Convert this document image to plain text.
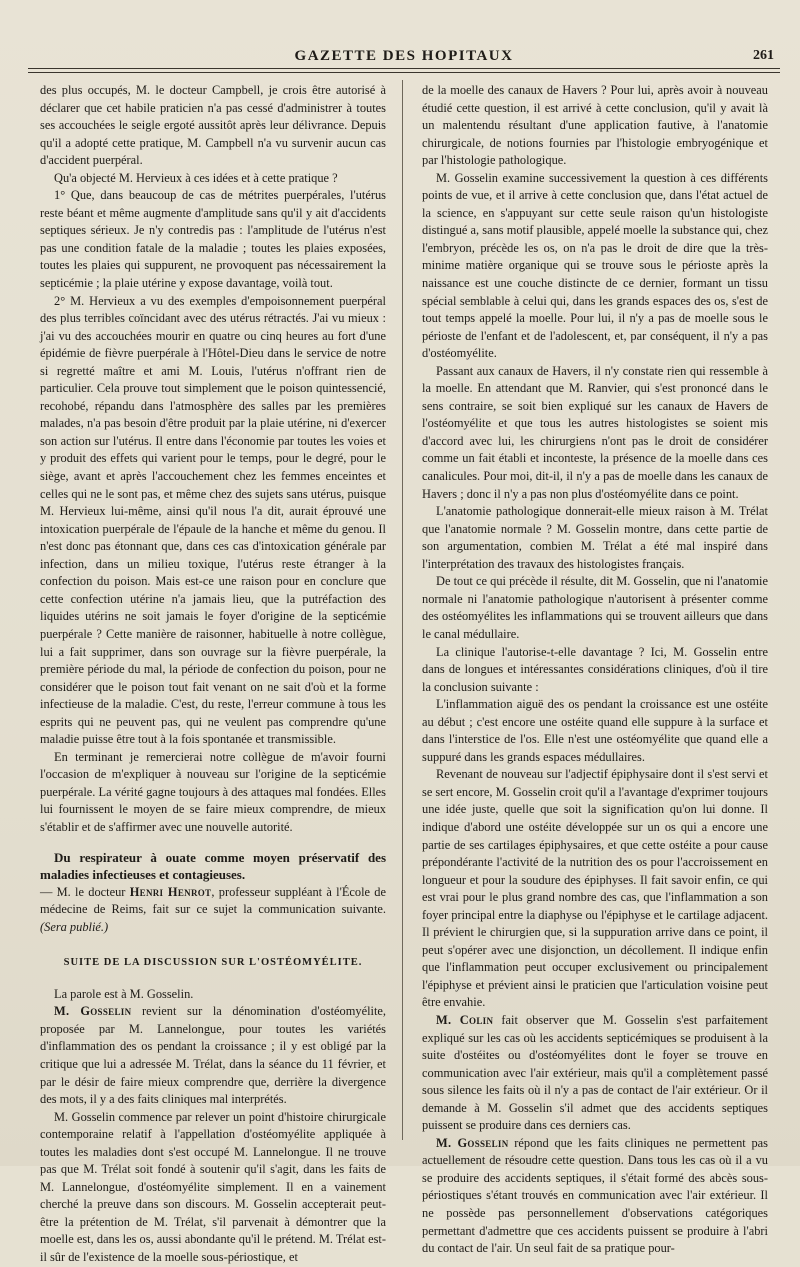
GAZETTE DES HOPITAUX	261

des plus occupés, M. le docteur Campbell, je crois être autorisé à déclarer que cet habile praticien n'a pas cessé d'administrer à toutes ses accouchées le seigle ergoté aussitôt après leur délivrance. Depuis qu'il a adopté cette pratique, M. Campbell n'a vu survenir aucun cas d'accident puerpéral.

Qu'a objecté M. Hervieux à ces idées et à cette pratique ?

1° Que, dans beaucoup de cas de métrites puerpérales, l'utérus reste béant et même augmente d'amplitude sans qu'il y ait d'accidents septiques sérieux. Je n'y contredis pas : l'amplitude de l'utérus n'est pas une condition fatale de la maladie ; toutes les plaies exposées, toutes les plaies qui suppurent, ne provoquent pas nécessairement la septicémie ; la plaie utérine y expose davantage, voilà tout.

2° M. Hervieux a vu des exemples d'empoisonnement puerpéral des plus terribles coïncidant avec des utérus rétractés. J'ai vu mieux : j'ai vu des accouchées mourir en quatre ou cinq heures au fort d'une épidémie de fièvre puerpérale à l'Hôtel-Dieu dans le service de notre si regretté maître et ami M. Louis, l'utérus n'offrant rien de particulier. Cela prouve tout simplement que le poison quintessencié, recohobé, répandu dans l'atmosphère des salles par les premières malades, n'a pas besoin d'être produit par la plaie utérine, ni d'exercer son action sur l'utérus. Il entre dans l'économie par toutes les voies et y produit des effets qui varient pour le temps, pour le degré, pour le siège, avant et après l'accouchement chez les femmes enceintes et celles qui ne le sont pas, et même chez des sujets sans utérus, puisque M. Hervieux lui-même, ainsi qu'il nous l'a dit, aurait éprouvé une intoxication puerpérale de l'épaule de la hanche et même du genou. Il n'est donc pas étonnant que, dans ces cas d'intoxication générale par infection, dans un milieu toxique, l'utérus reste étranger à la confection du poison. Mais est-ce une raison pour en conclure que cette confection utérine n'a jamais lieu, que la putréfaction des liquides utérins ne soit jamais le foyer d'origine de la septicémie puerpérale ? Cette manière de raisonner, habituelle à notre collègue, lui a fait supprimer, dans son ouvrage sur la fièvre puerpérale, la première période du mal, la période de confection du poison, pour ne considérer que le poison tout fait venant on ne sait d'où et la forme infectieuse de la maladie. C'est, du reste, l'erreur commune à tous les esprits qui ne peuvent pas, qui ne veulent pas comprendre qu'une maladie puisse être tout à la fois spontanée et transmissible.

En terminant je remercierai notre collègue de m'avoir fourni l'occasion de m'expliquer à nouveau sur l'origine de la septicémie puerpérale. La vérité gagne toujours à des attaques mal fondées. Elles lui fournissent le moyen de se faire mieux comprendre, de mieux s'établir et de s'affirmer avec une nouvelle autorité.

Du respirateur à ouate comme moyen préservatif des maladies infectieuses et contagieuses.

— M. le docteur Henri Henrot, professeur suppléant à l'École de médecine de Reims, fait sur ce sujet la communication suivante. (Sera publié.)

SUITE DE LA DISCUSSION SUR L'OSTÉOMYÉLITE.

La parole est à M. Gosselin.

M. Gosselin revient sur la dénomination d'ostéomyélite, proposée par M. Lannelongue, pour toutes les variétés d'inflammation des os pendant la croissance ; il y est obligé par la critique que lui a adressée M. Trélat, dans la séance du 11 février, et par le désir de faire mieux comprendre que, derrière la divergence des mots, il y a des faits cliniques mal interprétés.

M. Gosselin commence par relever un point d'histoire chirurgicale contemporaine relatif à l'appellation d'ostéomyélite appliquée à toutes les maladies dont s'est occupé M. Lannelongue. Il ne trouve pas que M. Trélat soit fondé à soutenir qu'il s'agit, dans les faits de M. Lannelongue, d'ostéomyélite simplement. Il en a vainement cherché la preuve dans son discours. M. Gosselin accepterait peut-être la prétention de M. Trélat, s'il parvenait à démontrer que la moelle est, dans les os, aussi abondante qu'il le prétend. M. Trélat est-il sûr de l'existence de la moelle sous-périostique, et

de la moelle des canaux de Havers ? Pour lui, après avoir à nouveau étudié cette question, il est arrivé à cette conclusion, qu'il y avait là un malentendu résultant d'une application fautive, à l'anatomie chirurgicale, de notions fournies par l'histologie embryogénique et par l'histologie pathologique.

M. Gosselin examine successivement la question à ces différents points de vue, et il arrive à cette conclusion que, dans l'état actuel de la science, en s'appuyant sur cette seule raison qu'un histologiste distingué a, sans motif plausible, appelé moelle la substance qui, chez l'embryon, précède les os, on n'a pas le droit de dire que la très-minime matière organique qui se trouve sous le périoste après la naissance est une couche distincte de ce dernier, formant un tissu spécial semblable à celui qui, dans les grands espaces des os, s'est de tout temps appelé la moelle. Pour lui, il n'y a pas de moelle sous le périoste de l'enfant et de l'adolescent, et, par conséquent, il n'y a pas d'ostéomyélite.

Passant aux canaux de Havers, il n'y constate rien qui ressemble à la moelle. En attendant que M. Ranvier, qui s'est prononcé dans le sens contraire, se soit bien expliqué sur les canaux de Havers de l'ostéomyélite et que tous les autres histologistes se soient mis d'accord avec lui, les chirurgiens n'ont pas le droit de considérer comme un fait établi et inconteste, la présence de la moelle dans ces canalicules. Pour moi, dit-il, il n'y a pas de moelle dans les canaux de Havers ; donc il n'y a pas non plus d'ostéomyélite dans ce point.

L'anatomie pathologique donnerait-elle mieux raison à M. Trélat que l'anatomie normale ? M. Gosselin montre, dans cette partie de son argumentation, combien M. Trélat a été mal inspiré dans l'interprétation des travaux des histologistes français.

De tout ce qui précède il résulte, dit M. Gosselin, que ni l'anatomie normale ni l'anatomie pathologique n'autorisent à présenter comme des ostéomyélites les inflammations qui se trouvent ailleurs que dans le canal médullaire.

La clinique l'autorise-t-elle davantage ? Ici, M. Gosselin entre dans de longues et intéressantes considérations cliniques, d'où il tire la conclusion suivante :

L'inflammation aiguë des os pendant la croissance est une ostéite au début ; c'est encore une ostéite quand elle suppure à la surface et dans l'interstice de l'os. Elle n'est une ostéomyélite que quand elle a suppuré dans les grands espaces médullaires.

Revenant de nouveau sur l'adjectif épiphysaire dont il s'est servi et se sert encore, M. Gosselin croit qu'il a l'avantage d'exprimer toujours une idée juste, quelle que soit la signification qu'on lui donne. Il indique d'abord une ostéite développée sur un os qui a encore une partie de ses cartilages épiphysaires, et que cette ostéite a pour cause prépondérante l'activité de la nutrition des os pour l'accroissement en longueur et pour la soudure des épiphyses. Il fait savoir enfin, ce qui est vrai pour le plus grand nombre des cas, que l'inflammation a son foyer principal entre la diaphyse ou l'épiphyse et le cartilage adjacent. Il prévient le chirurgien que, si la suppuration arrive dans ce point, il peut s'opérer avec une disjonction, un décollement. Il indique enfin que l'inflammation peut occuper exclusivement ou principalement l'épiphyse et prévient ainsi le praticien que l'articulation voisine peut être envahie.

M. Colin fait observer que M. Gosselin s'est parfaitement expliqué sur les cas où les accidents septicémiques se produisent à la suite d'ostéites ou d'ostéomyélites dont le foyer se trouve en communication avec l'air extérieur, mais qu'il a complètement passé sous silence les faits où il n'y a pas de contact de l'air extérieur. Or il demande à M. Gosselin s'il admet que des accidents septiques puissent se produire dans ces derniers cas.

M. Gosselin répond que les faits cliniques ne permettent pas actuellement de résoudre cette question. Dans tous les cas où il a vu se produire des accidents septiques, il s'était formé des abcès sous-périostiques s'étant trouvés en communication avec l'air extérieur. Il ne possède pas personnellement d'observations catégoriques permettant d'admettre que ces accidents puissent se produire à l'abri du contact de l'air. Un seul fait de sa pratique pour-
